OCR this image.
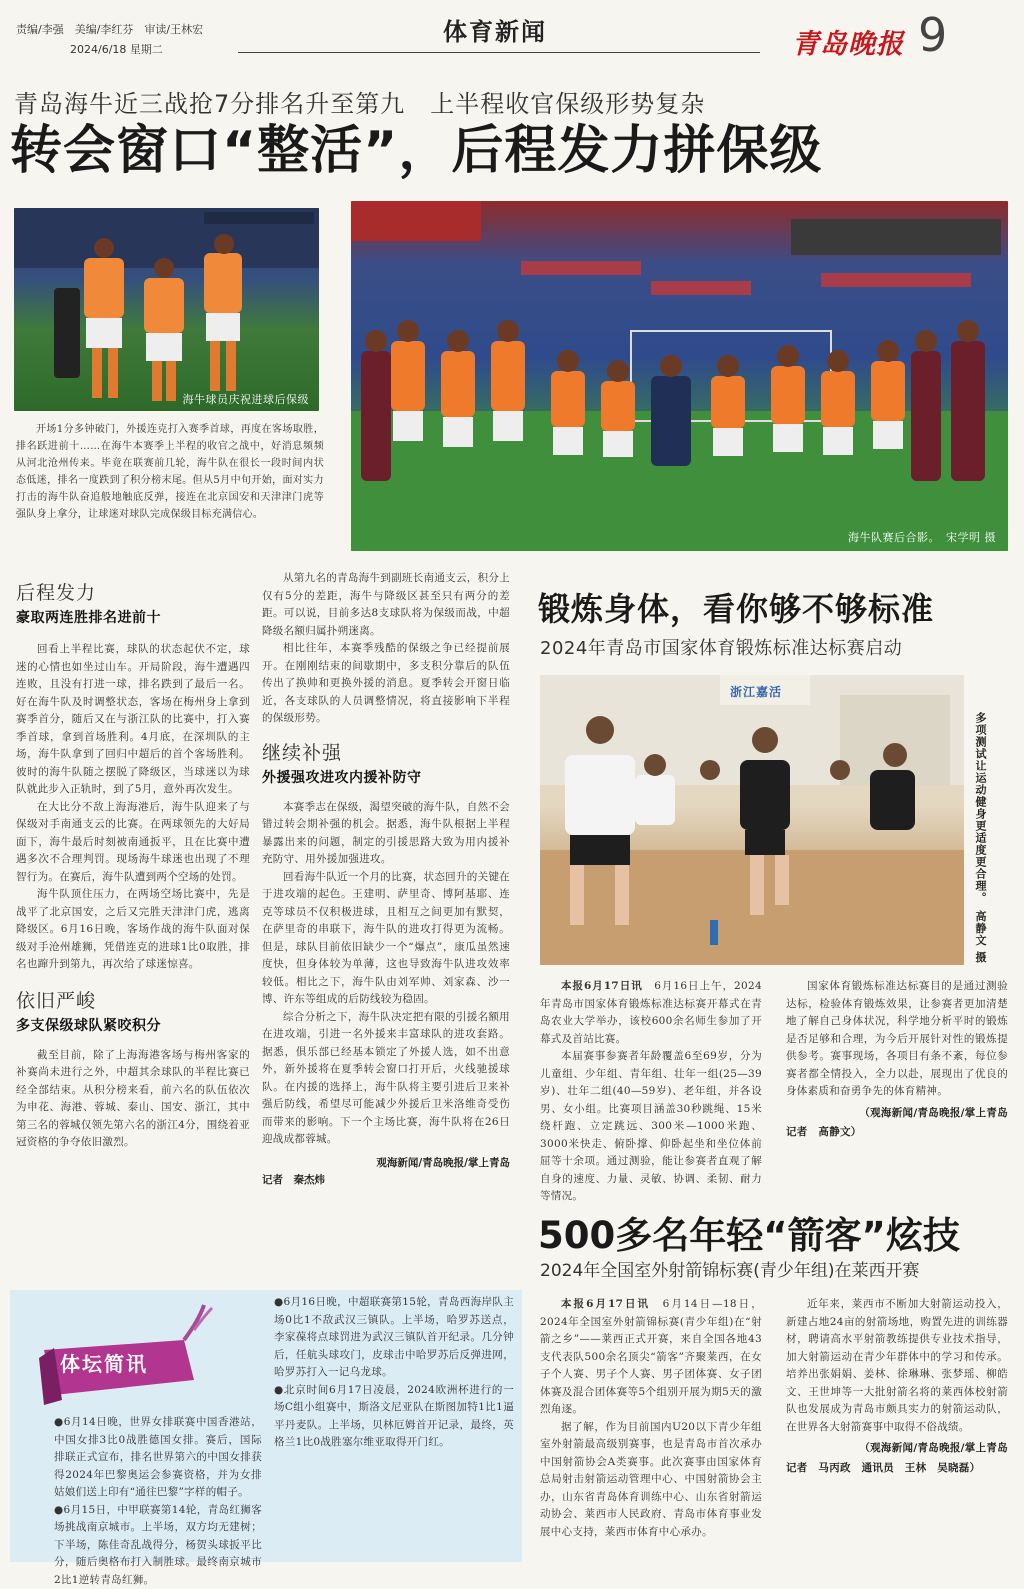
责编/李强　美编/李红芬　审读/王林宏
2024/6/18 星期二
体育新闻	青岛晚报 9
青岛海牛近三战抢7分排名升至第九　上半程收官保级形势复杂
转会窗口“整活”，后程发力拼保级
海牛球员庆祝进球后保级
海牛队赛后合影。　宋学明 摄

开场1分多钟破门，外援连克打入赛季首球，再度在客场取胜，排名跃进前十……在海牛本赛季上半程的收官之战中，好消息频频从河北沧州传来。毕竟在联赛前几轮，海牛队在很长一段时间内状态低迷，排名一度跌到了积分榜末尾。但从5月中旬开始，面对实力打击的海牛队奋追般地触底反弹，接连在北京国安和天津津门虎等强队身上拿分，让球迷对球队完成保级目标充满信心。

后程发力
豪取两连胜排名进前十

回看上半程比赛，球队的状态起伏不定，球迷的心情也如坐过山车。开局阶段，海牛遭遇四连败，且没有打进一球，排名跌到了最后一名。好在海牛队及时调整状态，客场在梅州身上拿到赛季首分，随后又在与浙江队的比赛中，打入赛季首球，拿到首场胜利。4月底，在深圳队的主场，海牛队拿到了回归中超后的首个客场胜利。彼时的海牛队随之摆脱了降级区，当球迷以为球队就此步入正轨时，到了5月，意外再次发生。

在大比分不敌上海海港后，海牛队迎来了与保级对手南通支云的比赛。在两球领先的大好局面下，海牛最后时刻被南通扳平，且在比赛中遭遇多次不合理判罚。现场海牛球迷也出现了不理智行为。在赛后，海牛队遭到两个空场的处罚。

海牛队顶住压力，在两场空场比赛中，先是战平了北京国安，之后又完胜天津津门虎，逃离降级区。6月16日晚，客场作战的海牛队面对保级对手沧州雄狮，凭借连克的进球1比0取胜，排名也蹿升到第九，再次给了球迷惊喜。

依旧严峻
多支保级球队紧咬积分

截至目前，除了上海海港客场与梅州客家的补赛尚未进行之外，中超其余球队的半程比赛已经全部结束。从积分榜来看，前六名的队伍依次为申花、海港、蓉城、泰山、国安、浙江，其中第三名的蓉城仅领先第六名的浙江4分，围绕着亚冠资格的争夺依旧激烈。

从第九名的青岛海牛到副班长南通支云，积分上仅有5分的差距，海牛与降级区甚至只有两分的差距。可以说，目前多达8支球队将为保级而战，中超降级名额归属扑朔迷离。

相比往年，本赛季残酷的保级之争已经提前展开。在刚刚结束的间歇期中，多支积分靠后的队伍传出了换帅和更换外援的消息。夏季转会开窗日临近，各支球队的人员调整情况，将直接影响下半程的保级形势。

继续补强
外援强攻进攻内援补防守

本赛季志在保级，渴望突破的海牛队，自然不会错过转会期补强的机会。据悉，海牛队根据上半程暴露出来的问题，制定的引援思路大致为用内援补充防守、用外援加强进攻。

回看海牛队近一个月的比赛，状态回升的关键在于进攻端的起色。王建明、萨里奇、博阿基耶、连克等球员不仅积极进球，且相互之间更加有默契，在萨里奇的串联下，海牛队的进攻打得更为流畅。但是，球队目前依旧缺少一个“爆点”，康瓜虽然速度快，但身体较为单薄，这也导致海牛队进攻效率较低。相比之下，海牛队由刘军帅、刘家森、沙一博、许东等组成的后防线较为稳固。

综合分析之下，海牛队决定把有限的引援名额用在进攻端，引进一名外援来丰富球队的进攻套路。据悉，俱乐部已经基本锁定了外援人选，如不出意外，新外援将在夏季转会窗口打开后，火线驰援球队。在内援的选择上，海牛队将主要引进后卫来补强后防线，希望尽可能减少外援后卫米洛维奇受伤而带来的影响。下一个主场比赛，海牛队将在26日迎战成都蓉城。

观海新闻/青岛晚报/掌上青岛
记者　秦杰炜
锻炼身体，看你够不够标准
2024年青岛市国家体育锻炼标准达标赛启动
浙江嘉活
多项测试让运动健身更适度更合理。　高静文 摄

本报6月17日讯　6月16日上午，2024年青岛市国家体育锻炼标准达标赛开幕式在青岛农业大学举办，该校600余名师生参加了开幕式及首站比赛。

本届赛事参赛者年龄覆盖6至69岁，分为儿童组、少年组、青年组、壮年一组(25—39岁)、壮年二组(40—59岁)、老年组，并各设男、女小组。比赛项目涵盖30秒跳绳、15米绕杆跑、立定跳远、300米—1000米跑、3000米快走、俯卧撑、仰卧起坐和坐位体前屈等十余项。通过测验，能让参赛者直观了解自身的速度、力量、灵敏、协调、柔韧、耐力等情况。

国家体育锻炼标准达标赛目的是通过测验达标，检验体育锻炼效果，让参赛者更加清楚地了解自己身体状况，科学地分析平时的锻炼是否足够和合理，为今后开展针对性的锻炼提供参考。赛事现场，各项目有条不紊，每位参赛者都全情投入，全力以赴，展现出了优良的身体素质和奋勇争先的体育精神。

（观海新闻/青岛晚报/掌上青岛
记者　高静文）
500多名年轻“箭客”炫技
2024年全国室外射箭锦标赛(青少年组)在莱西开赛

本报6月17日讯　6月14日—18日，2024年全国室外射箭锦标赛(青少年组)在“射箭之乡”——莱西正式开赛，来自全国各地43支代表队500余名顶尖“箭客”齐聚莱西，在女子个人赛、男子个人赛、男子团体赛、女子团体赛及混合团体赛等5个组别开展为期5天的激烈角逐。

据了解，作为目前国内U20以下青少年组室外射箭最高级别赛事，也是青岛市首次承办中国射箭协会A类赛事。此次赛事由国家体育总局射击射箭运动管理中心、中国射箭协会主办，山东省青岛体育训练中心、山东省射箭运动协会、莱西市人民政府、青岛市体育事业发展中心支持，莱西市体育中心承办。

近年来，莱西市不断加大射箭运动投入，新建占地24亩的射箭场地，购置先进的训练器材，聘请高水平射箭教练提供专业技术指导，加大射箭运动在青少年群体中的学习和传承。培养出张娟娟、姜林、徐琳琳、张梦瑶、柳皓文、王世坤等一大批射箭名将的莱西体校射箭队也发展成为青岛市颇具实力的射箭运动队，在世界各大射箭赛事中取得不俗战绩。

（观海新闻/青岛晚报/掌上青岛
记者　马丙政　通讯员　王林　吴晓磊）
体坛简讯

●6月14日晚，世界女排联赛中国香港站，中国女排3比0战胜德国女排。赛后，国际排联正式宣布，排名世界第六的中国女排获得2024年巴黎奥运会参赛资格，并为女排姑娘们送上印有“通往巴黎”字样的帽子。

●6月15日，中甲联赛第14轮，青岛红狮客场挑战南京城市。上半场，双方均无建树；下半场，陈佳奇乱战得分，杨贺头球扳平比分，随后奥格布打入制胜球。最终南京城市2比1逆转青岛红狮。

●6月16日晚，中超联赛第15轮，青岛西海岸队主场0比1不敌武汉三镇队。上半场，哈罗苏送点，李家葆将点球罚进为武汉三镇队首开纪录。几分钟后，任航头球攻门，皮球击中哈罗苏后反弹进网，哈罗苏打入一记乌龙球。

●北京时间6月17日凌晨，2024欧洲杯进行的一场C组小组赛中，斯洛文尼亚队在斯图加特1比1逼平丹麦队。上半场，贝林厄姆首开记录，最终，英格兰1比0战胜塞尔维亚取得开门红。
